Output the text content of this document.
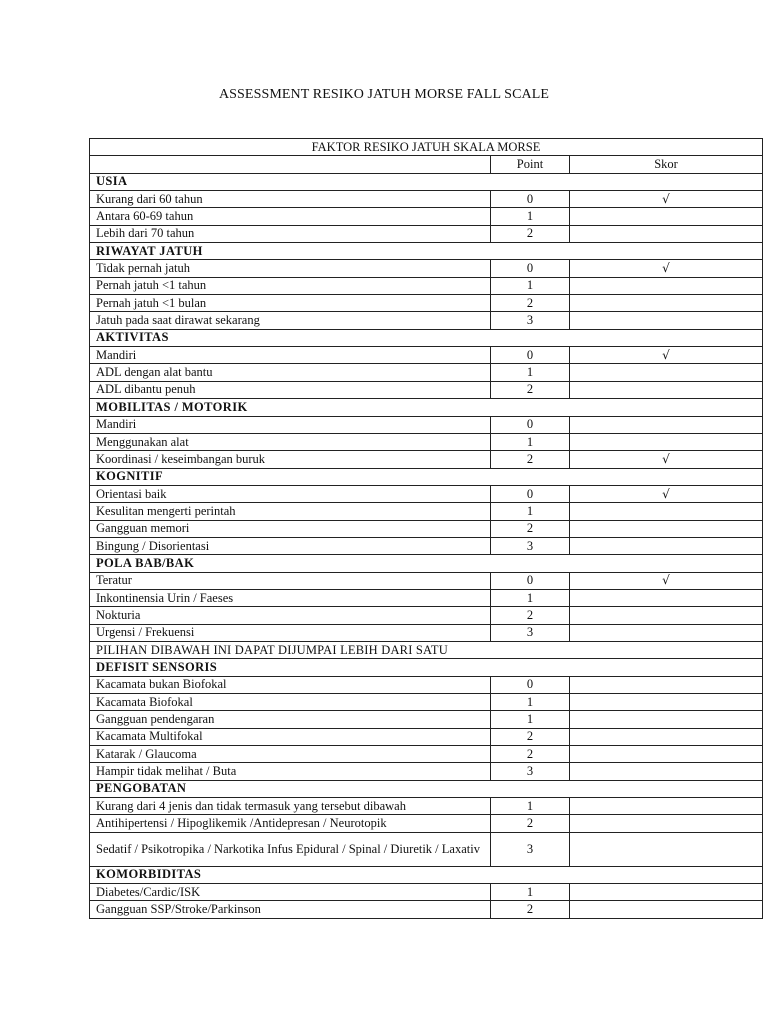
ASSESSMENT RESIKO JATUH MORSE FALL SCALE
FAKTOR RESIKO JATUH SKALA MORSE		
	Point	Skor
USIA		
Kurang dari 60 tahun	0	√
Antara 60-69 tahun	1	
Lebih dari 70 tahun	2	
RIWAYAT JATUH		
Tidak pernah jatuh	0	√
Pernah jatuh <1 tahun	1	
Pernah jatuh <1 bulan	2	
Jatuh pada saat dirawat sekarang	3	
AKTIVITAS		
Mandiri	0	√
ADL dengan alat bantu	1	
ADL dibantu penuh	2	
MOBILITAS / MOTORIK		
Mandiri	0	
Menggunakan alat	1	
Koordinasi / keseimbangan buruk	2	√
KOGNITIF		
Orientasi baik	0	√
Kesulitan mengerti perintah	1	
Gangguan memori	2	
Bingung / Disorientasi	3	
POLA BAB/BAK		
Teratur	0	√
Inkontinensia Urin / Faeses	1	
Nokturia	2	
Urgensi / Frekuensi	3	
PILIHAN DIBAWAH INI DAPAT DIJUMPAI LEBIH DARI SATU		
DEFISIT SENSORIS		
Kacamata bukan Biofokal	0	
Kacamata Biofokal	1	
Gangguan pendengaran	1	
Kacamata Multifokal	2	
Katarak / Glaucoma	2	
Hampir tidak melihat / Buta	3	
PENGOBATAN		
Kurang dari 4 jenis dan tidak termasuk yang tersebut dibawah	1	
Antihipertensi / Hipoglikemik /Antidepresan / Neurotopik	2	
Sedatif / Psikotropika / Narkotika Infus Epidural / Spinal / Diuretik / Laxativ	3	
KOMORBIDITAS		
Diabetes/Cardic/ISK	1	
Gangguan SSP/Stroke/Parkinson	2	
